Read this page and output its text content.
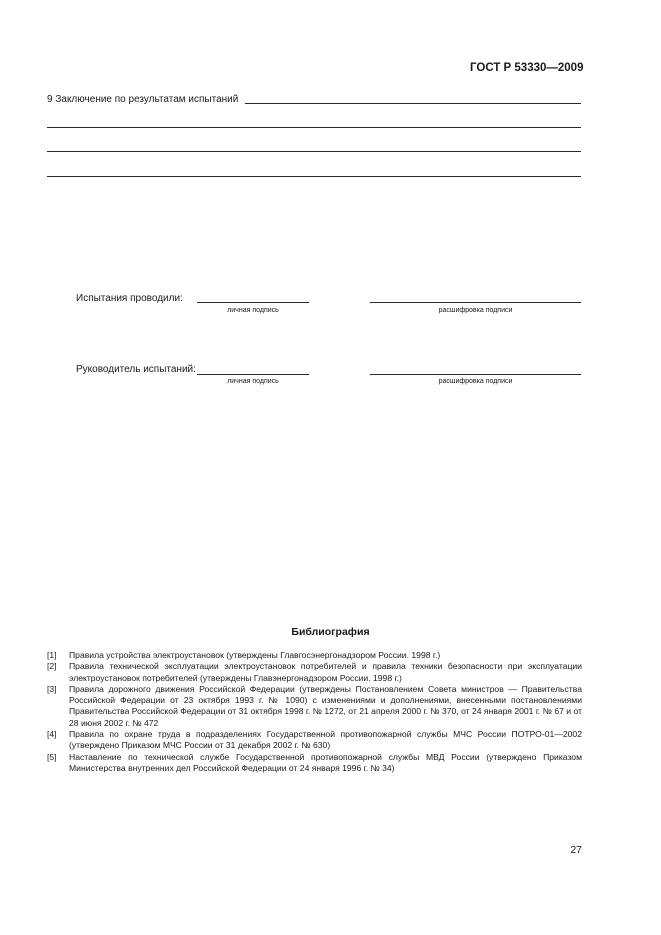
ГОСТ Р 53330—2009
9 Заключение по результатам испытаний
Испытания проводили:
личная подпись	расшифровка подписи
Руководитель испытаний:
личная подпись	расшифровка подписи
Библиография
[1]	Правила устройства электроустановок (утверждены Главгосэнергонадзором России. 1998 г.)
[2]	Правила технической эксплуатации электроустановок потребителей и правила техники безопасности при эксплуатации электроустановок потребителей (утверждены Главэнергонадзором России. 1998 г.)
[3]	Правила дорожного движения Российской Федерации (утверждены Постановлением Совета министров — Правительства Российской Федерации от 23 октября 1993 г. № 1090) с изменениями и дополнениями, внесенными постановлениями Правительства Российской Федерации от 31 октября 1998 г. № 1272, от 21 апреля 2000 г. № 370, от 24 января 2001 г. № 67 и от 28 июня 2002 г. № 472
[4]	Правила по охране труда в подразделениях Государственной противопожарной службы МЧС России ПОТРО-01—2002 (утверждено Приказом МЧС России от 31 декабря 2002 г. № 630)
[5]	Наставление по технической службе Государственной противопожарной службы МВД России (утверждено Приказом Министерства внутренних дел Российской Федерации от 24 января 1996 г. № 34)
27
